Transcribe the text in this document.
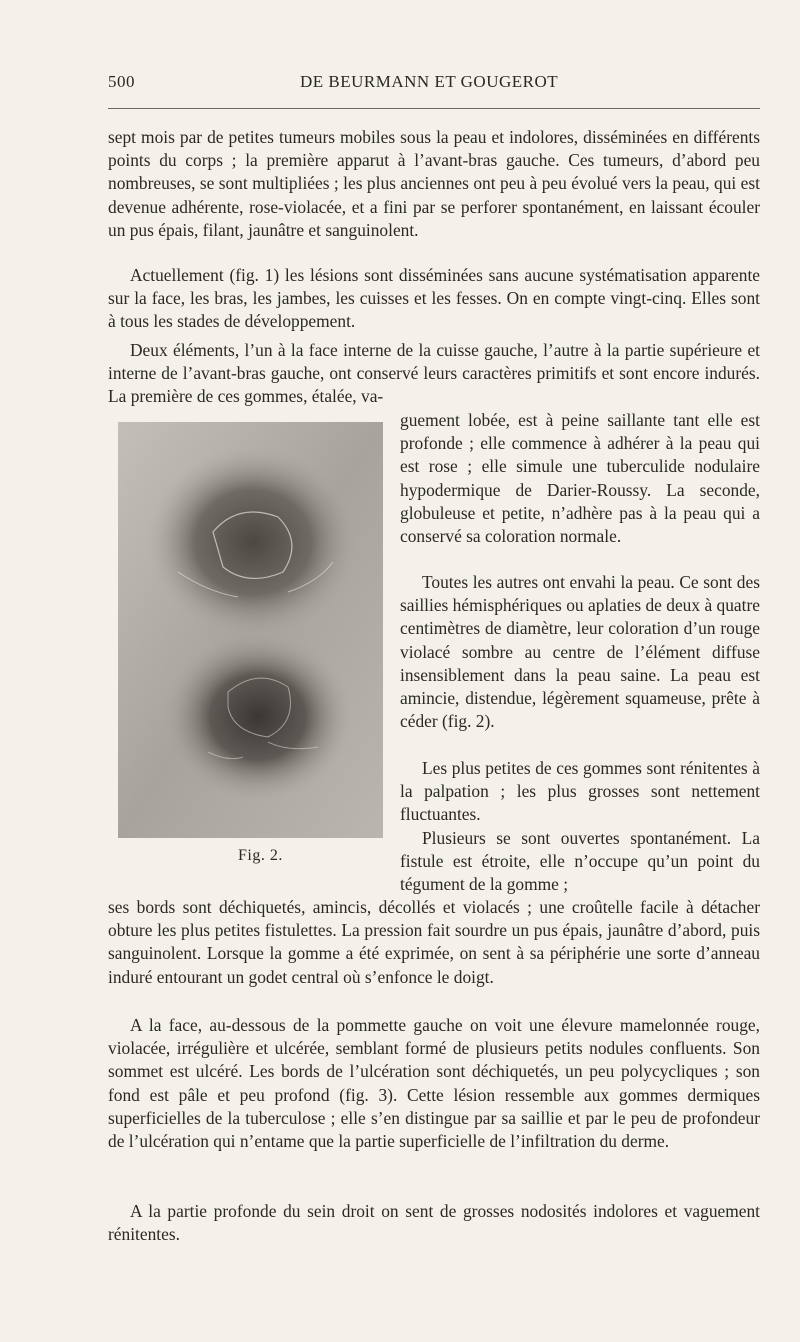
500	DE BEURMANN ET GOUGEROT
sept mois par de petites tumeurs mobiles sous la peau et indolores, disséminées en différents points du corps ; la première apparut à l’avant-bras gauche. Ces tumeurs, d’abord peu nombreuses, se sont multipliées ; les plus anciennes ont peu à peu évolué vers la peau, qui est devenue adhérente, rose-violacée, et a fini par se perforer spontanément, en laissant écouler un pus épais, filant, jaunâtre et sanguinolent.
Actuellement (fig. 1) les lésions sont disséminées sans aucune systématisation apparente sur la face, les bras, les jambes, les cuisses et les fesses. On en compte vingt-cinq. Elles sont à tous les stades de développement.
Deux éléments, l’un à la face interne de la cuisse gauche, l’autre à la partie supérieure et interne de l’avant-bras gauche, ont conservé leurs caractères primitifs et sont encore indurés. La première de ces gommes, étalée, va-
Fig. 2.
guement lobée, est à peine saillante tant elle est profonde ; elle commence à adhérer à la peau qui est rose ; elle simule une tuberculide nodulaire hypodermique de Darier-Roussy. La seconde, globuleuse et petite, n’adhère pas à la peau qui a conservé sa coloration normale.
Toutes les autres ont envahi la peau. Ce sont des saillies hémisphériques ou aplaties de deux à quatre centimètres de diamètre, leur coloration d’un rouge violacé sombre au centre de l’élément diffuse insensiblement dans la peau saine. La peau est amincie, distendue, légèrement squameuse, prête à céder (fig. 2).
Les plus petites de ces gommes sont rénitentes à la palpation ; les plus grosses sont nettement fluctuantes.
Plusieurs se sont ouvertes spontanément. La fistule est étroite, elle n’occupe qu’un point du tégument de la gomme ;
ses bords sont déchiquetés, amincis, décollés et violacés ; une croûtelle facile à détacher obture les plus petites fistulettes. La pression fait sourdre un pus épais, jaunâtre d’abord, puis sanguinolent. Lorsque la gomme a été exprimée, on sent à sa périphérie une sorte d’anneau induré entourant un godet central où s’enfonce le doigt.
A la face, au-dessous de la pommette gauche on voit une élevure mamelonnée rouge, violacée, irrégulière et ulcérée, semblant formé de plusieurs petits nodules confluents. Son sommet est ulcéré. Les bords de l’ulcération sont déchiquetés, un peu polycycliques ; son fond est pâle et peu profond (fig. 3). Cette lésion ressemble aux gommes dermiques superficielles de la tuberculose ; elle s’en distingue par sa saillie et par le peu de profondeur de l’ulcération qui n’entame que la partie superficielle de l’infiltration du derme.
A la partie profonde du sein droit on sent de grosses nodosités indolores et vaguement rénitentes.
